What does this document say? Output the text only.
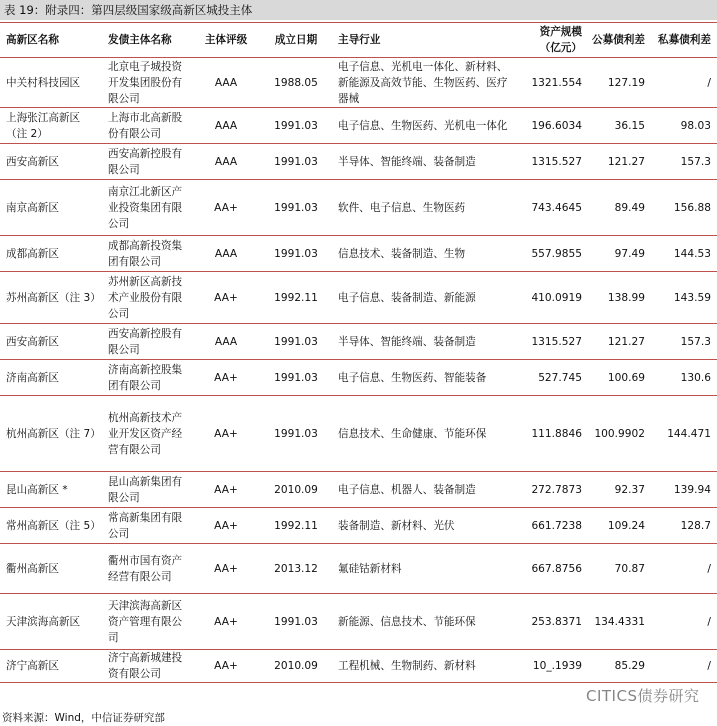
表 19：附录四：第四层级国家级高新区城投主体
高新区名称	发债主体名称	主体评级	成立日期	主导行业	资产规模（亿元）	公募债利差	私募债利差
中关村科技园区	北京电子城投资开发集团股份有限公司	AAA	1988.05	电子信息、光机电一体化、新材料、新能源及高效节能、生物医药、医疗器械	1321.554	127.19	/
上海张江高新区（注 2）	上海市北高新股份有限公司	AAA	1991.03	电子信息、生物医药、光机电一体化	196.6034	36.15	98.03
西安高新区	西安高新控股有限公司	AAA	1991.03	半导体、智能终端、装备制造	1315.527	121.27	157.3
南京高新区	南京江北新区产业投资集团有限公司	AA+	1991.03	软件、电子信息、生物医药	743.4645	89.49	156.88
成都高新区	成都高新投资集团有限公司	AAA	1991.03	信息技术、装备制造、生物	557.9855	97.49	144.53
苏州高新区（注 3）	苏州新区高新技术产业股份有限公司	AA+	1992.11	电子信息、装备制造、新能源	410.0919	138.99	143.59
西安高新区	西安高新控股有限公司	AAA	1991.03	半导体、智能终端、装备制造	1315.527	121.27	157.3
济南高新区	济南高新控股集团有限公司	AA+	1991.03	电子信息、生物医药、智能装备	527.745	100.69	130.6
杭州高新区（注 7）	杭州高新技术产业开发区资产经营有限公司	AA+	1991.03	信息技术、生命健康、节能环保	111.8846	100.9902	144.471
昆山高新区 *	昆山高新集团有限公司	AA+	2010.09	电子信息、机器人、装备制造	272.7873	92.37	139.94
常州高新区（注 5）	常高新集团有限公司	AA+	1992.11	装备制造、新材料、光伏	661.7238	109.24	128.7
衢州高新区	衢州市国有资产经营有限公司	AA+	2013.12	氟硅钴新材料	667.8756	70.87	/
天津滨海高新区	天津滨海高新区资产管理有限公司	AA+	1991.03	新能源、信息技术、节能环保	253.8371	134.4331	/
济宁高新区	济宁高新城建投资有限公司	AA+	2010.09	工程机械、生物制药、新材料	10_.1939	85.29	/
资料来源：Wind，中信证券研究部
CITICS债券研究
